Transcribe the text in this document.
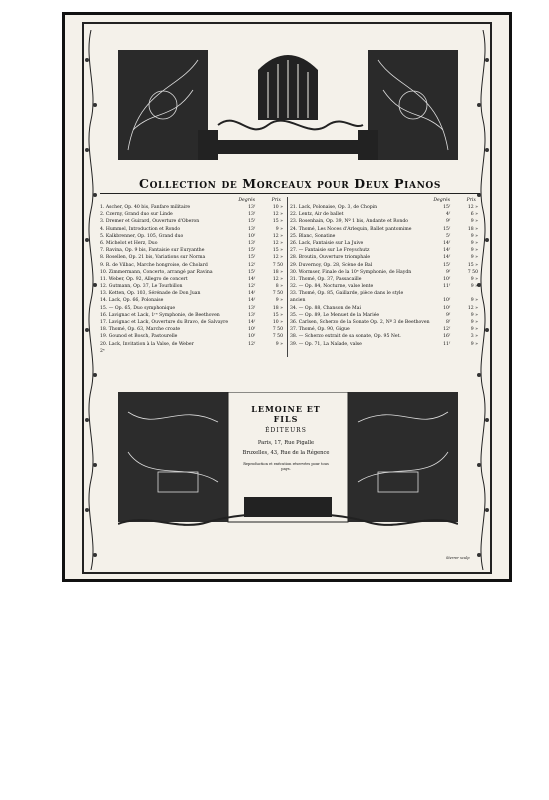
Collection de Morceaux pour Deux Pianos
Degrés	Prix
1. Ascher, Op. 40 bis, Fanfare militaire	13ᶠ	10 »
2. Czerny, Grand duo sur Linde	13ᶠ	12 »
3. Dremer et Guirard, Ouverture d'Oberon	15ᶠ	15 »
4. Hummel, Introduction et Rondo	13ᶠ	9 »
5. Kalkbrenner, Op. 105, Grand duo	10ᶠ	12 »
6. Michelot et Herz, Duo	13ᶠ	12 »
7. Ravina, Op. 9 bis, Fantaisie sur Euryanthe	15ᶠ	15 »
8. Rosellen, Op. 21 bis, Variations sur Norma	15ᶠ	12 »
9. R. de Vilbac, Marche hongroise, de Cholard	12ᶠ	7 50
10. Zimmermann, Concerto, arrangé par Ravina	15ᶠ	18 »
11. Weber, Op. 92, Allegro de concert	14ᶠ	12 »
12. Gutmann, Op. 37, Le Tourbillon	12ᶠ	8 »
13. Ketten, Op. 103, Sérénade de Don Juan	14ᶠ	7 50
14. Lack, Op. 66, Polonaise	14ᶠ	9 »
15. — Op. 65, Duo symphonique	13ᶠ	18 »
16. Lavignac et Lack, 1ʳᵉ Symphonie, de Beethoven	13ᶠ	15 »
17. Lavignac et Lack, Ouverture du Bravo, de Salvayre	14ᶠ	10 »
18. Thomé, Op. 63, Marche croate	10ᶠ	7 50
19. Gounod et Bosch, Pastourelle	10ᶠ	7 50
20. Lack, Invitation à la Valse, de Weber	12ᶠ	9 »
2ᵉ
Degrés	Prix
21. Lack, Polonaise, Op. 3, de Chopin	15ᶠ	12 »
22. Lentz, Air de ballet	4ᶠ	6 »
23. Rosenhain, Op. 39, Nº 1 bis, Andante et Rondo	9ᶠ	9 »
24. Thomé, Les Noces d'Arlequin, Ballet pantomime	15ᶠ	18 »
25. Blanc, Sonatine	5ᶠ	9 »
26. Lack, Fantaisie sur La Juive	14ᶠ	9 »
27. — Fantaisie sur Le Freyschutz	14ᶠ	9 »
28. Broutin, Ouverture triomphale	14ᶠ	9 »
29. Duvernoy, Op. 28, Scène de Bal	15ᶠ	15 »
30. Wormser, Finale de la 10ᵉ Symphonie, de Haydn	9ᶠ	7 50
31. Thomé, Op. 37, Passacaille	10ᶠ	9 »
32. — Op. 84, Nocturne, valse lente	11ᶠ	9 »
33. Thomé, Op. 85, Gaillarde, pièce dans le style
ancien	10ᶠ	9 »
34. — Op. 88, Chanson de Mai	10ᶠ	12 »
35. — Op. 89, Le Menuet de la Mariée	9ᶠ	9 »
36. Carlsen, Scherzo de la Sonate Op. 2, Nº 3 de Beethoven	8ᶠ	9 »
37. Thomé, Op. 90, Gigue	12ᶠ	9 »
38. — Scherzo extrait de sa sonate, Op. 95 Net.	16ᶠ	3 »
39. — Op. 71, La Naïade, valse	11ᶠ	9 »
LEMOINE ET FILS
ÉDITEURS
Paris, 17, Rue Pigalle
Bruxelles, 43, Rue de la Régence
Reproduction et exécution réservées pour tous pays.
Sterrer sculp
